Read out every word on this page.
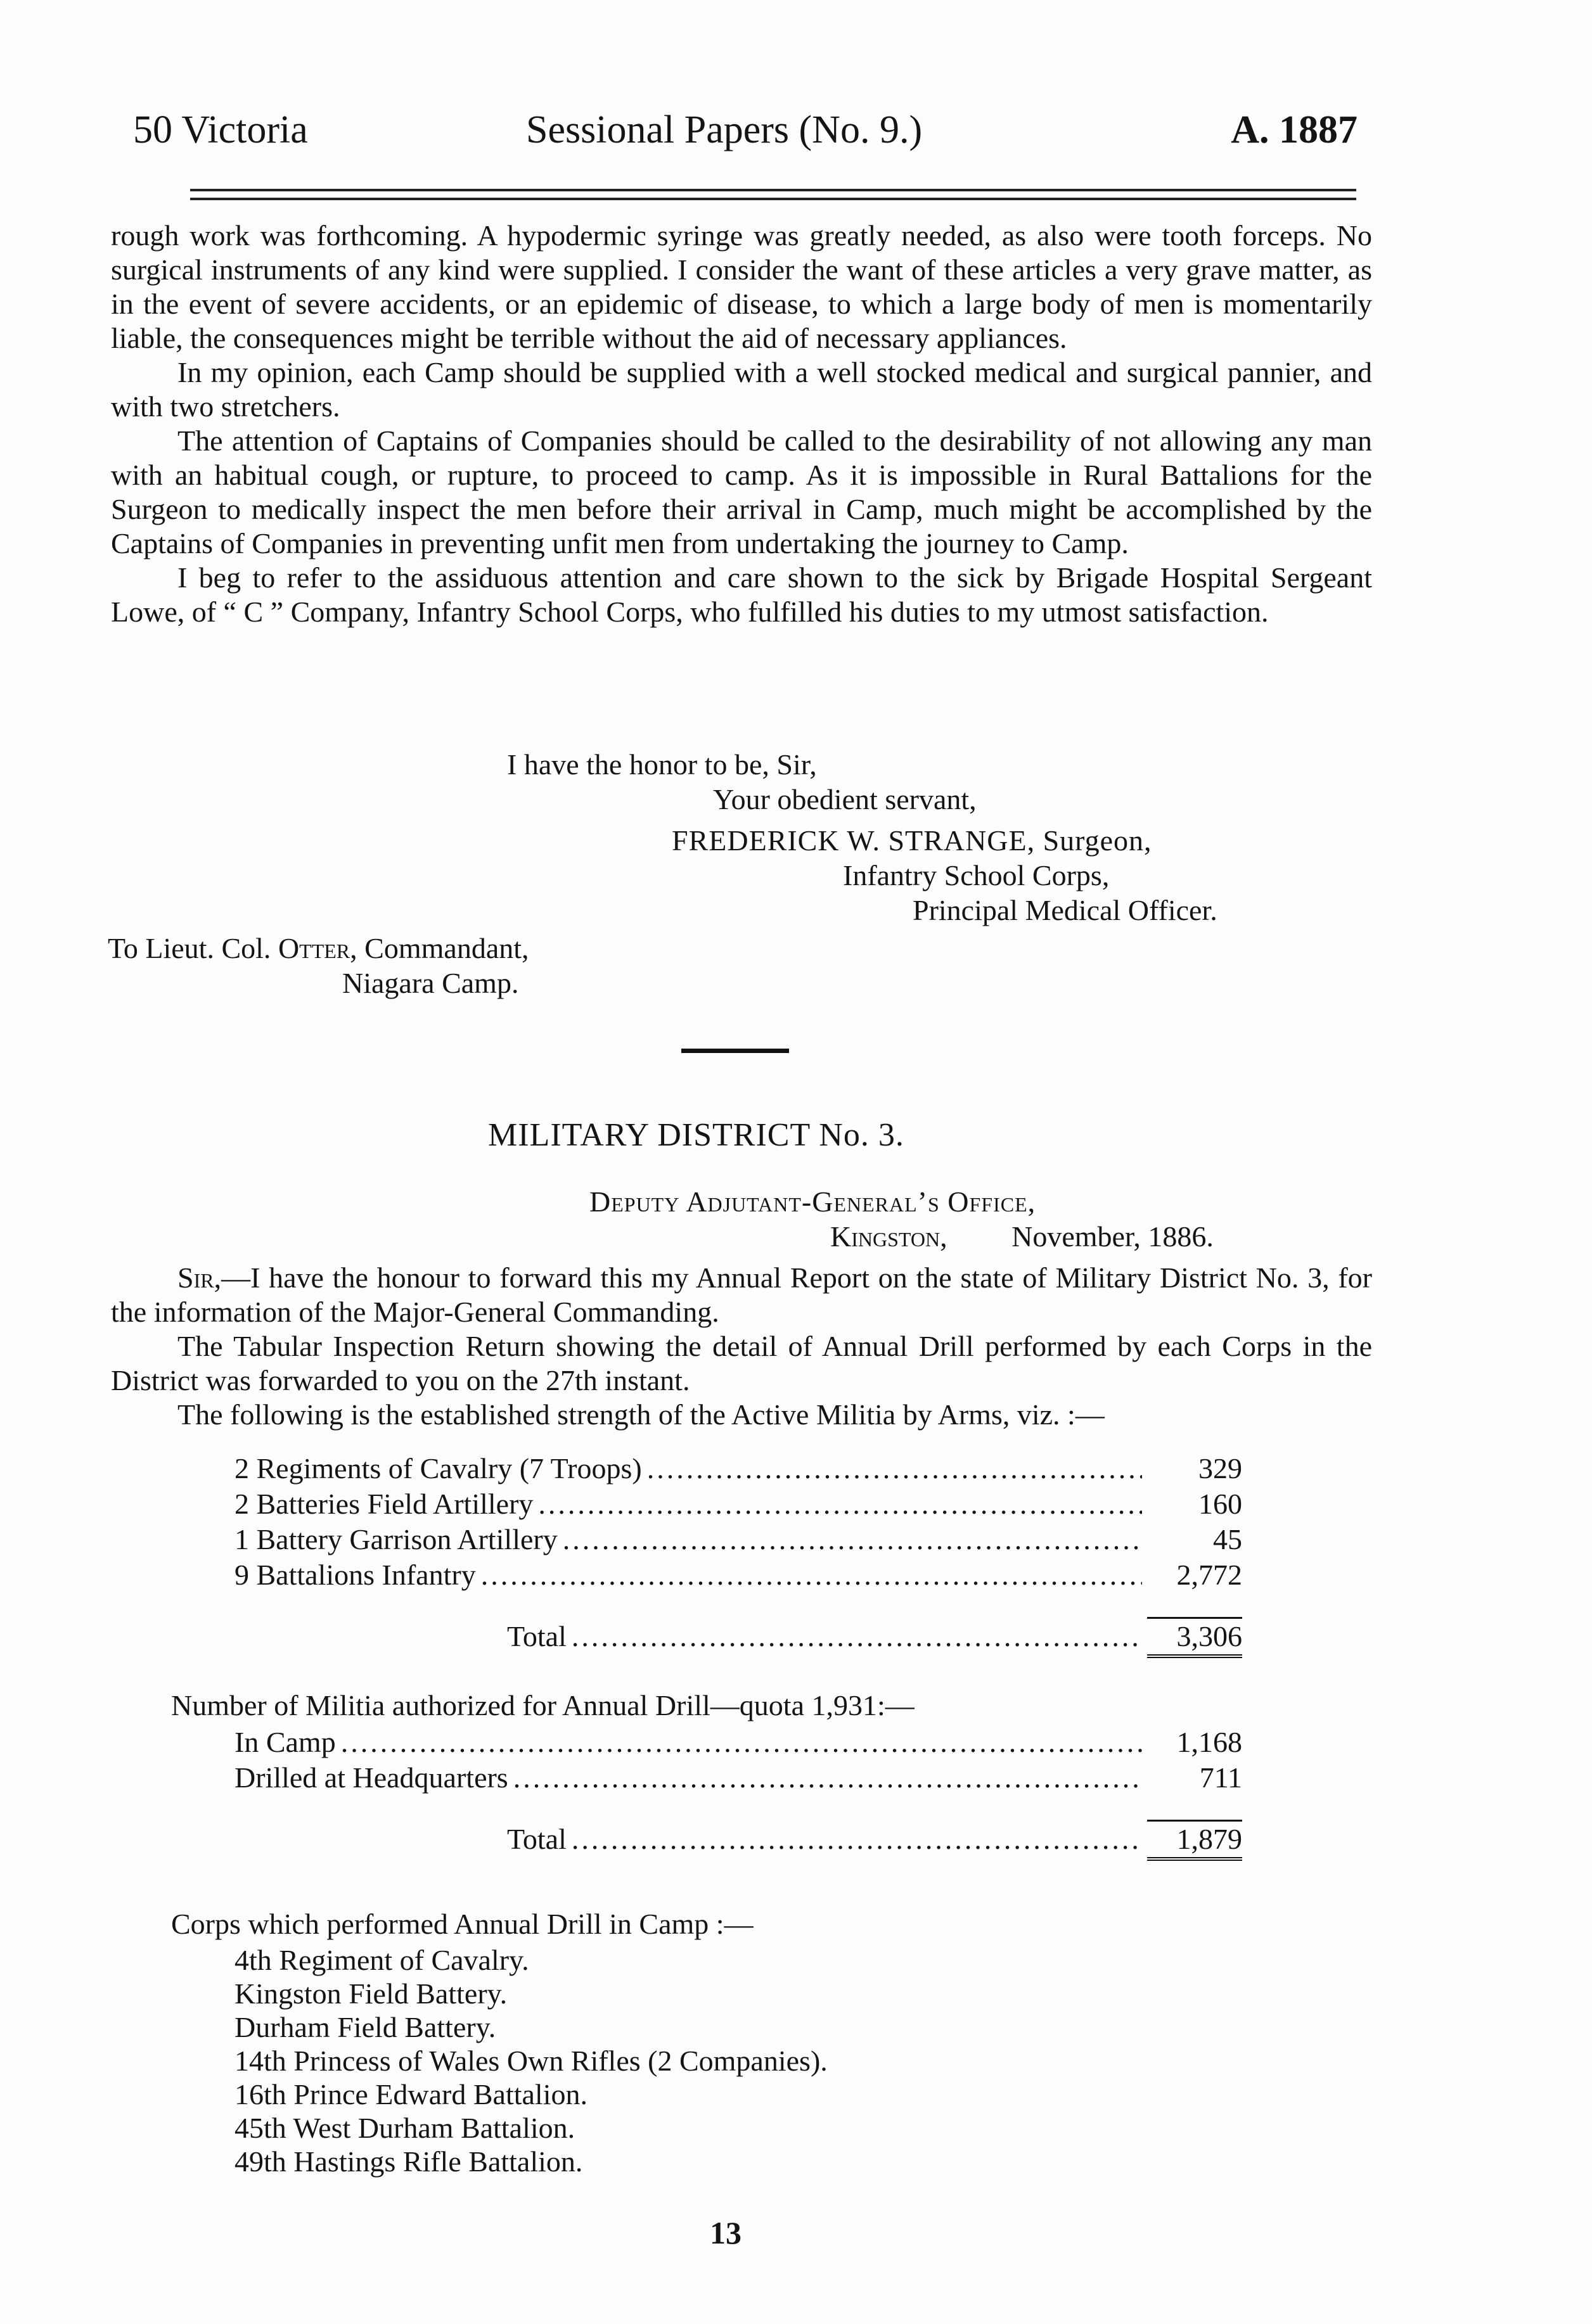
50 Victoria	Sessional Papers (No. 9.)	A. 1887

rough work was forthcoming. A hypodermic syringe was greatly needed, as also were tooth forceps. No surgical instruments of any kind were supplied. I consider the want of these articles a very grave matter, as in the event of severe accidents, or an epidemic of disease, to which a large body of men is momentarily liable, the consequences might be terrible without the aid of necessary appliances.

In my opinion, each Camp should be supplied with a well stocked medical and surgical pannier, and with two stretchers.

The attention of Captains of Companies should be called to the desirability of not allowing any man with an habitual cough, or rupture, to proceed to camp. As it is impossible in Rural Battalions for the Surgeon to medically inspect the men before their arrival in Camp, much might be accomplished by the Captains of Companies in preventing unfit men from undertaking the journey to Camp.

I beg to refer to the assiduous attention and care shown to the sick by Brigade Hospital Sergeant Lowe, of “ C ” Company, Infantry School Corps, who fulfilled his duties to my utmost satisfaction.

I have the honor to be, Sir,
Your obedient servant,
FREDERICK W. STRANGE, Surgeon,
Infantry School Corps,
Principal Medical Officer.
To Lieut. Col. Otter, Commandant,
Niagara Camp.
MILITARY DISTRICT No. 3.
Deputy Adjutant-General’s Office,
Kingston, November, 1886.

Sir,—I have the honour to forward this my Annual Report on the state of Military District No. 3, for the information of the Major-General Commanding.

The Tabular Inspection Return showing the detail of Annual Drill performed by each Corps in the District was forwarded to you on the 27th instant.

The following is the established strength of the Active Militia by Arms, viz. :—

2 Regiments of Cavalry (7 Troops) .....	329
2 Batteries Field Artillery .....	160
1 Battery Garrison Artillery .....	45
9 Battalions Infantry .....	2,772
Total .....	3,306
Number of Militia authorized for Annual Drill—quota 1,931:—
In Camp .....	1,168
Drilled at Headquarters .....	711
Total .....	1,879
Corps which performed Annual Drill in Camp :—
4th Regiment of Cavalry.
Kingston Field Battery.
Durham Field Battery.
14th Princess of Wales Own Rifles (2 Companies).
16th Prince Edward Battalion.
45th West Durham Battalion.
49th Hastings Rifle Battalion.
13
